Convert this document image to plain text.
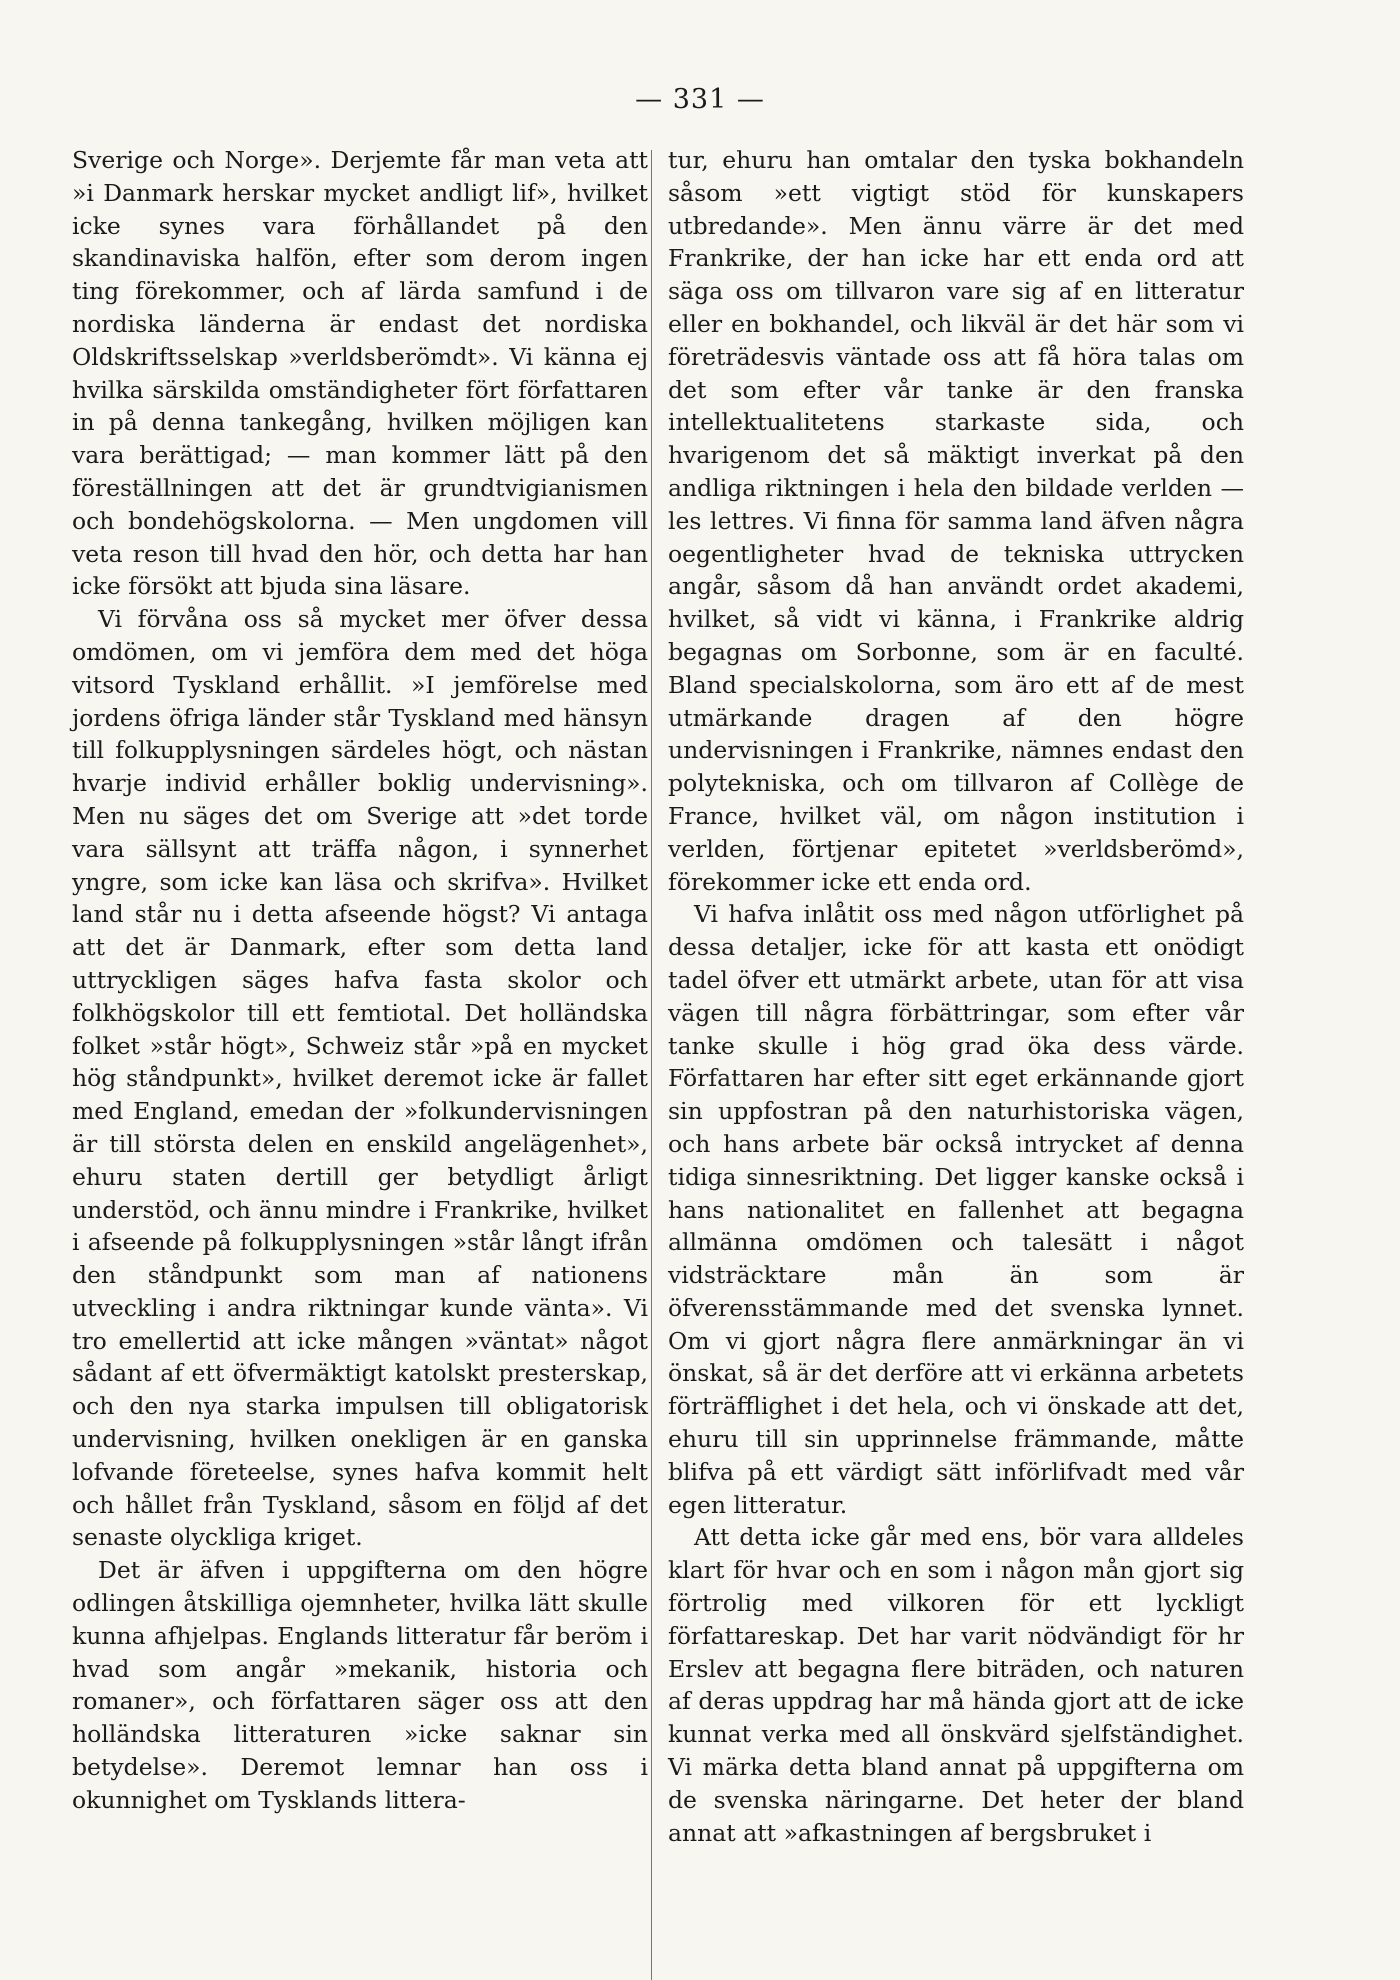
— 331 —

Sverige och Norge». Derjemte får man veta att »i Danmark herskar mycket andligt lif», hvilket icke synes vara förhållandet på den skandinaviska halfön, efter som derom ingen ting förekommer, och af lärda samfund i de nordiska länderna är endast det nordiska Oldskriftsselskap »verldsberömdt». Vi känna ej hvilka särskilda omständigheter fört författaren in på denna tankegång, hvilken möjligen kan vara berättigad; — man kommer lätt på den föreställningen att det är grundtvigianismen och bondehögskolorna. — Men ungdomen vill veta reson till hvad den hör, och detta har han icke försökt att bjuda sina läsare.

Vi förvåna oss så mycket mer öfver dessa omdömen, om vi jemföra dem med det höga vitsord Tyskland erhållit. »I jemförelse med jordens öfriga länder står Tyskland med hänsyn till folkupplysningen särdeles högt, och nästan hvarje individ erhåller boklig undervisning». Men nu säges det om Sverige att »det torde vara sällsynt att träffa någon, i synnerhet yngre, som icke kan läsa och skrifva». Hvilket land står nu i detta afseende högst? Vi antaga att det är Danmark, efter som detta land uttryckligen säges hafva fasta skolor och folkhögskolor till ett femtiotal. Det holländska folket »står högt», Schweiz står »på en mycket hög ståndpunkt», hvilket deremot icke är fallet med England, emedan der »folkundervisningen är till största delen en enskild angelägenhet», ehuru staten dertill ger betydligt årligt understöd, och ännu mindre i Frankrike, hvilket i afseende på folkupplysningen »står långt ifrån den ståndpunkt som man af nationens utveckling i andra riktningar kunde vänta». Vi tro emellertid att icke mången »väntat» något sådant af ett öfvermäktigt katolskt presterskap, och den nya starka impulsen till obligatorisk undervisning, hvilken onekligen är en ganska lofvande företeelse, synes hafva kommit helt och hållet från Tyskland, såsom en följd af det senaste olyckliga kriget.

Det är äfven i uppgifterna om den högre odlingen åtskilliga ojemnheter, hvilka lätt skulle kunna afhjelpas. Englands litteratur får beröm i hvad som angår »mekanik, historia och romaner», och författaren säger oss att den holländska litteraturen »icke saknar sin betydelse». Deremot lemnar han oss i okunnighet om Tysklands littera-

tur, ehuru han omtalar den tyska bokhandeln såsom »ett vigtigt stöd för kunskapers utbredande». Men ännu värre är det med Frankrike, der han icke har ett enda ord att säga oss om tillvaron vare sig af en litteratur eller en bokhandel, och likväl är det här som vi företrädesvis väntade oss att få höra talas om det som efter vår tanke är den franska intellektualitetens starkaste sida, och hvarigenom det så mäktigt inverkat på den andliga riktningen i hela den bildade verlden — les lettres. Vi finna för samma land äfven några oegentligheter hvad de tekniska uttrycken angår, såsom då han användt ordet akademi, hvilket, så vidt vi känna, i Frankrike aldrig begagnas om Sorbonne, som är en faculté. Bland specialskolorna, som äro ett af de mest utmärkande dragen af den högre undervisningen i Frankrike, nämnes endast den polytekniska, och om tillvaron af Collège de France, hvilket väl, om någon institution i verlden, förtjenar epitetet »verldsberömd», förekommer icke ett enda ord.

Vi hafva inlåtit oss med någon utförlighet på dessa detaljer, icke för att kasta ett onödigt tadel öfver ett utmärkt arbete, utan för att visa vägen till några förbättringar, som efter vår tanke skulle i hög grad öka dess värde. Författaren har efter sitt eget erkännande gjort sin uppfostran på den naturhistoriska vägen, och hans arbete bär också intrycket af denna tidiga sinnesriktning. Det ligger kanske också i hans nationalitet en fallenhet att begagna allmänna omdömen och talesätt i något vidsträcktare mån än som är öfverensstämmande med det svenska lynnet. Om vi gjort några flere anmärkningar än vi önskat, så är det derföre att vi erkänna arbetets förträfflighet i det hela, och vi önskade att det, ehuru till sin upprinnelse främmande, måtte blifva på ett värdigt sätt införlifvadt med vår egen litteratur.

Att detta icke går med ens, bör vara alldeles klart för hvar och en som i någon mån gjort sig förtrolig med vilkoren för ett lyckligt författareskap. Det har varit nödvändigt för hr Erslev att begagna flere biträden, och naturen af deras uppdrag har må hända gjort att de icke kunnat verka med all önskvärd sjelfständighet. Vi märka detta bland annat på uppgifterna om de svenska näringarne. Det heter der bland annat att »afkastningen af bergsbruket i
